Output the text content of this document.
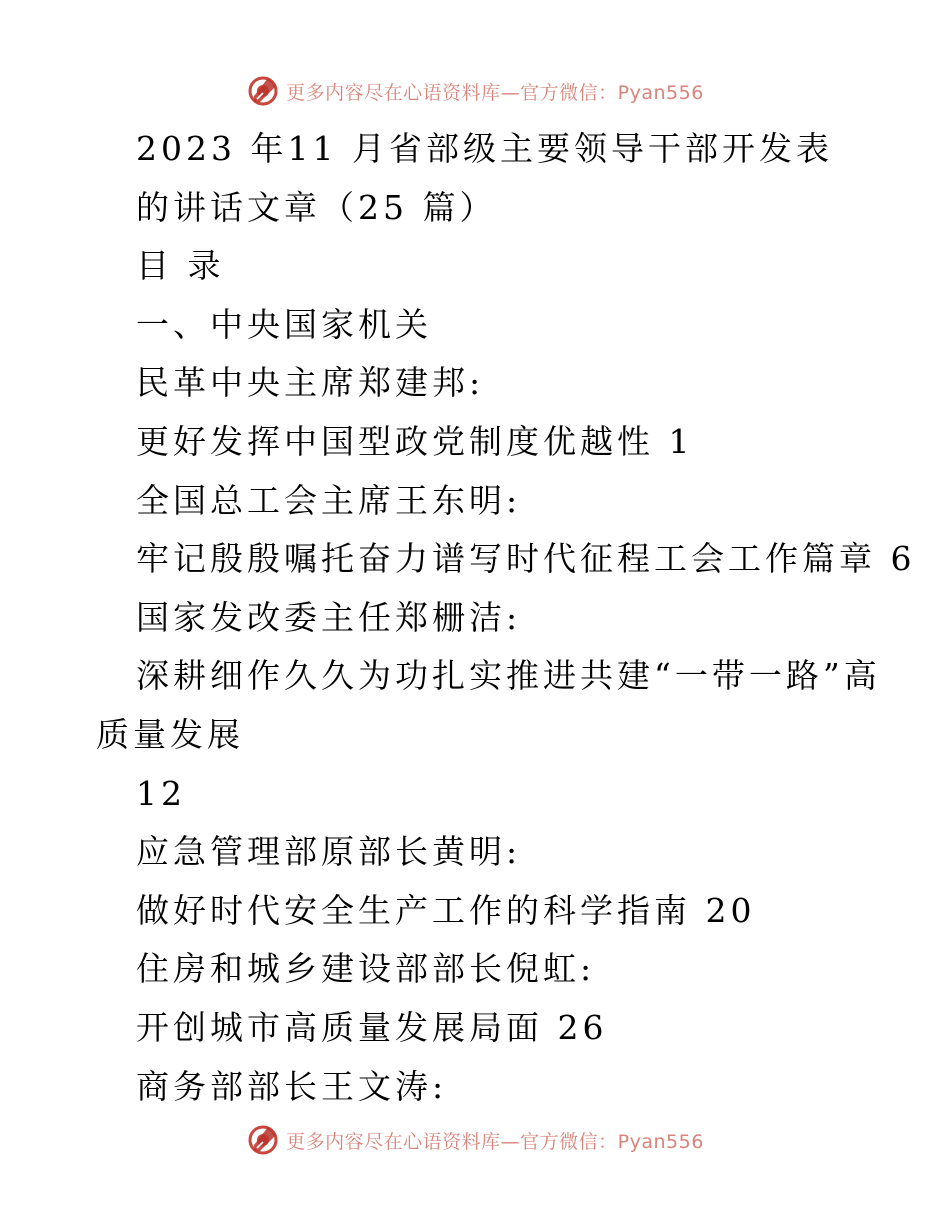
更多内容尽在心语资料库—官方微信：Pyan556
2023 年11 月省部级主要领导干部开发表
的讲话文章（25 篇）
目 录
一、中央国家机关
民革中央主席郑建邦:
更好发挥中国型政党制度优越性 1
全国总工会主席王东明:
牢记殷殷嘱托奋力谱写时代征程工会工作篇章 6
国家发改委主任郑栅洁:
深耕细作久久为功扎实推进共建“一带一路”高
质量发展
12
应急管理部原部长黄明:
做好时代安全生产工作的科学指南 20
住房和城乡建设部部长倪虹:
开创城市高质量发展局面 26
商务部部长王文涛:
更多内容尽在心语资料库—官方微信：Pyan556
